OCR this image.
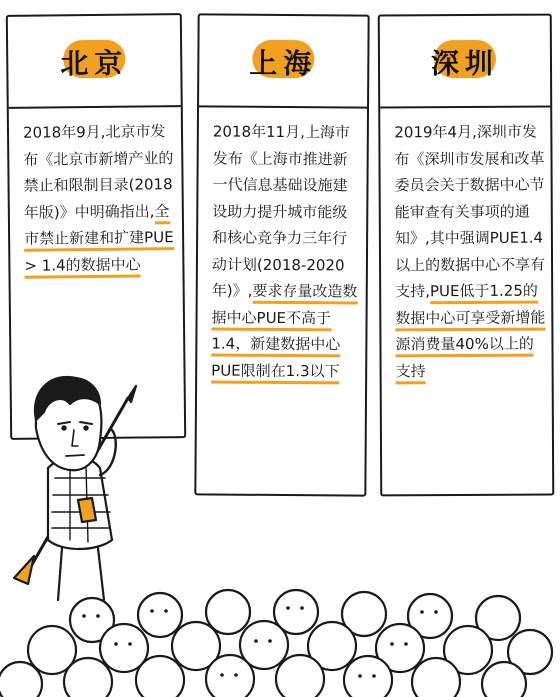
北京
2018年9月,北京市发布《北京市新增产业的禁止和限制目录(2018年版)》中明确指出,全市禁止新建和扩建PUE > 1.4的数据中心
上海
2018年11月,上海市发布《上海市推进新一代信息基础设施建设助力提升城市能级和核心竞争力三年行动计划(2018-2020年)》,要求存量改造数据中心PUE不高于1.4，新建数据中心PUE限制在1.3以下
深圳
2019年4月,深圳市发布《深圳市发展和改革委员会关于数据中心节能审查有关事项的通知》,其中强调PUE1.4以上的数据中心不享有支持,PUE低于1.25的数据中心可享受新增能源消费量40%以上的支持
